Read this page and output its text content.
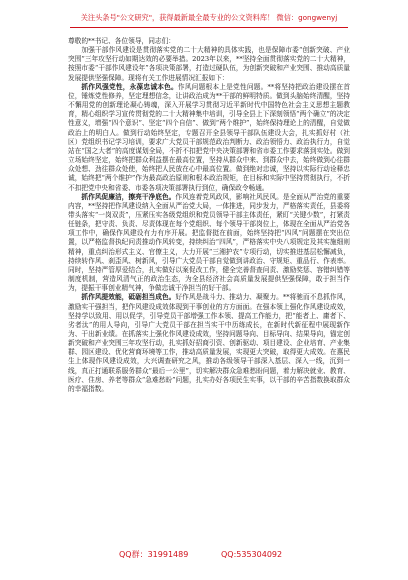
关注头条号"公文研究"，获得最新最全最专业的公文资料库！ 微信：gongwenyj

尊敬的**书记、各位领导，同志们：

加强干部作风建设是贯彻落实党的二十大精神的具体实践，也是保障市委“创新突破、产业突围”三年攻坚行动如期达效的必要举措。2023年以来，**坚持全面贯彻落实党的二十大精神，按照市委“干部作风建设年”各项决策部署，打造过硬队伍，为创新突破和产业突围、推动高质量发展提供坚强保障。现将有关工作进展情况汇报如下：

抓作风强党性，永葆忠诚本色。作风问题根本上是党性问题。**将坚持把政治建设摆在首位，锤炼党性修养，坚定理想信念，让讲政治成为**干部的鲜明特质。做到头脑始终清醒，坚持不懈用党的创新理论凝心铸魂，深入开展学习贯彻习近平新时代中国特色社会主义思想主题教育，精心组织学习宣传贯彻党的二十大精神集中培训，引导全县上下深刻领悟“两个确立”的决定性意义，增强“四个意识”、坚定“四个自信”、做到“两个维护”，始终保持理论上的清醒，自觉做政治上的明白人。做到行动始终坚定，专题召开全县领导干部队伍建设大会，扎实抓好村（社区）党组织书记学习培训，要求广大党员干部规范政治判断力、政治领悟力、政治执行力，自觉站在“国之大者”的高度谋划全局，不折不扣把党中央决策部署和省市委工作要求落到实处。做到立场始终坚定，始终把群众利益摆在最高位置，坚持从群众中来、到群众中去，始终做到心往群众处想、劲往群众处使，始终把人民放在心中最高位置。做到绝对忠诚，坚持以实际行动诠释忠诚，始终把“两个维护”作为最高政治原则和根本政治规矩，在目标和实际中坚持贯彻执行，不折不扣把党中央和省委、市委各项决策部署执行到位，确保政令畅通。

抓作风促廉洁，擦亮干净底色。作风连着党风政风，影响社风民风。是全面从严治党的重要内容，**坚持把作风建设纳入全面从严治党大局，一体推进，同步发力，严格落实责任，县委将带头落实“一岗双责”，压紧压实各级党组织和党员领导干部主体责任，紧盯“关键少数”，打紧责任链条，把守责、负责、尽责体现在每个党组织、每个领导干部岗位上，体现在全面从严治党各项工作中，确保作风建设有力有序开展。把监督挺在前面，始终坚持把“四风”问题摆在突出位置，以严格监督执纪问责推动作风转变，持续纠治“四风”，严格落实中央八项规定及其实施细则精神，重点纠治形式主义、官僚主义，大力开展“三湘护农”专项行动，切实推进基层松懈减负，持续转作风、刹歪风、树新风，引导广大党员干部自觉做到讲政治、守规矩、重品行、作表率。同时，坚持严管厚爱结合，扎实做好以案促改工作，健全完善督查问责、激励奖惩、容错纠错等制度机制，营造风清气正的政治生态，为全县经济社会高质量发展提供坚强保障，敢于担当作为，提振干事创业精气神，争做忠诚干净担当的好干部。

抓作风提效能，砥砺担当成色。好作风是战斗力、推动力、凝聚力。**将驰而不息抓作风，激励实干强担当，把作风建设成效体现到干事创业的方方面面。在强本领上强化作风建设成效，坚持学以致用、用以促学，引导党员干部增强工作本领、提高工作能力，把“能者上、庸者下、劣者汰”的用人导向，引导广大党员干部在担当实干中历练成长，在新时代新征程中展现新作为、干出新业绩。在抓落实上强化作风建设成效，坚持问题导向、目标导向、结果导向，锚定创新突破和产业突围三年攻坚行动，扎实抓好招商引资、创新驱动、项目建设、企业培育、产业集群、园区建设、优化营商环境等工作，推动高质量发展，实现更大突破，取得更大成效。在惠民生上体现作风建设成效，大兴调查研究之风，推动各级领导干部深入基层、深入一线，沉到一线，真正打通联系服务群众“最后一公里”，切实解决群众急难愁盼问题，着力解决就业、教育、医疗、住房、养老等群众“急难愁盼”问题，扎实办好各项民生实事，以干部的辛苦指数换取群众的幸福指数。

QQ群：31991489	QQ:535304092
